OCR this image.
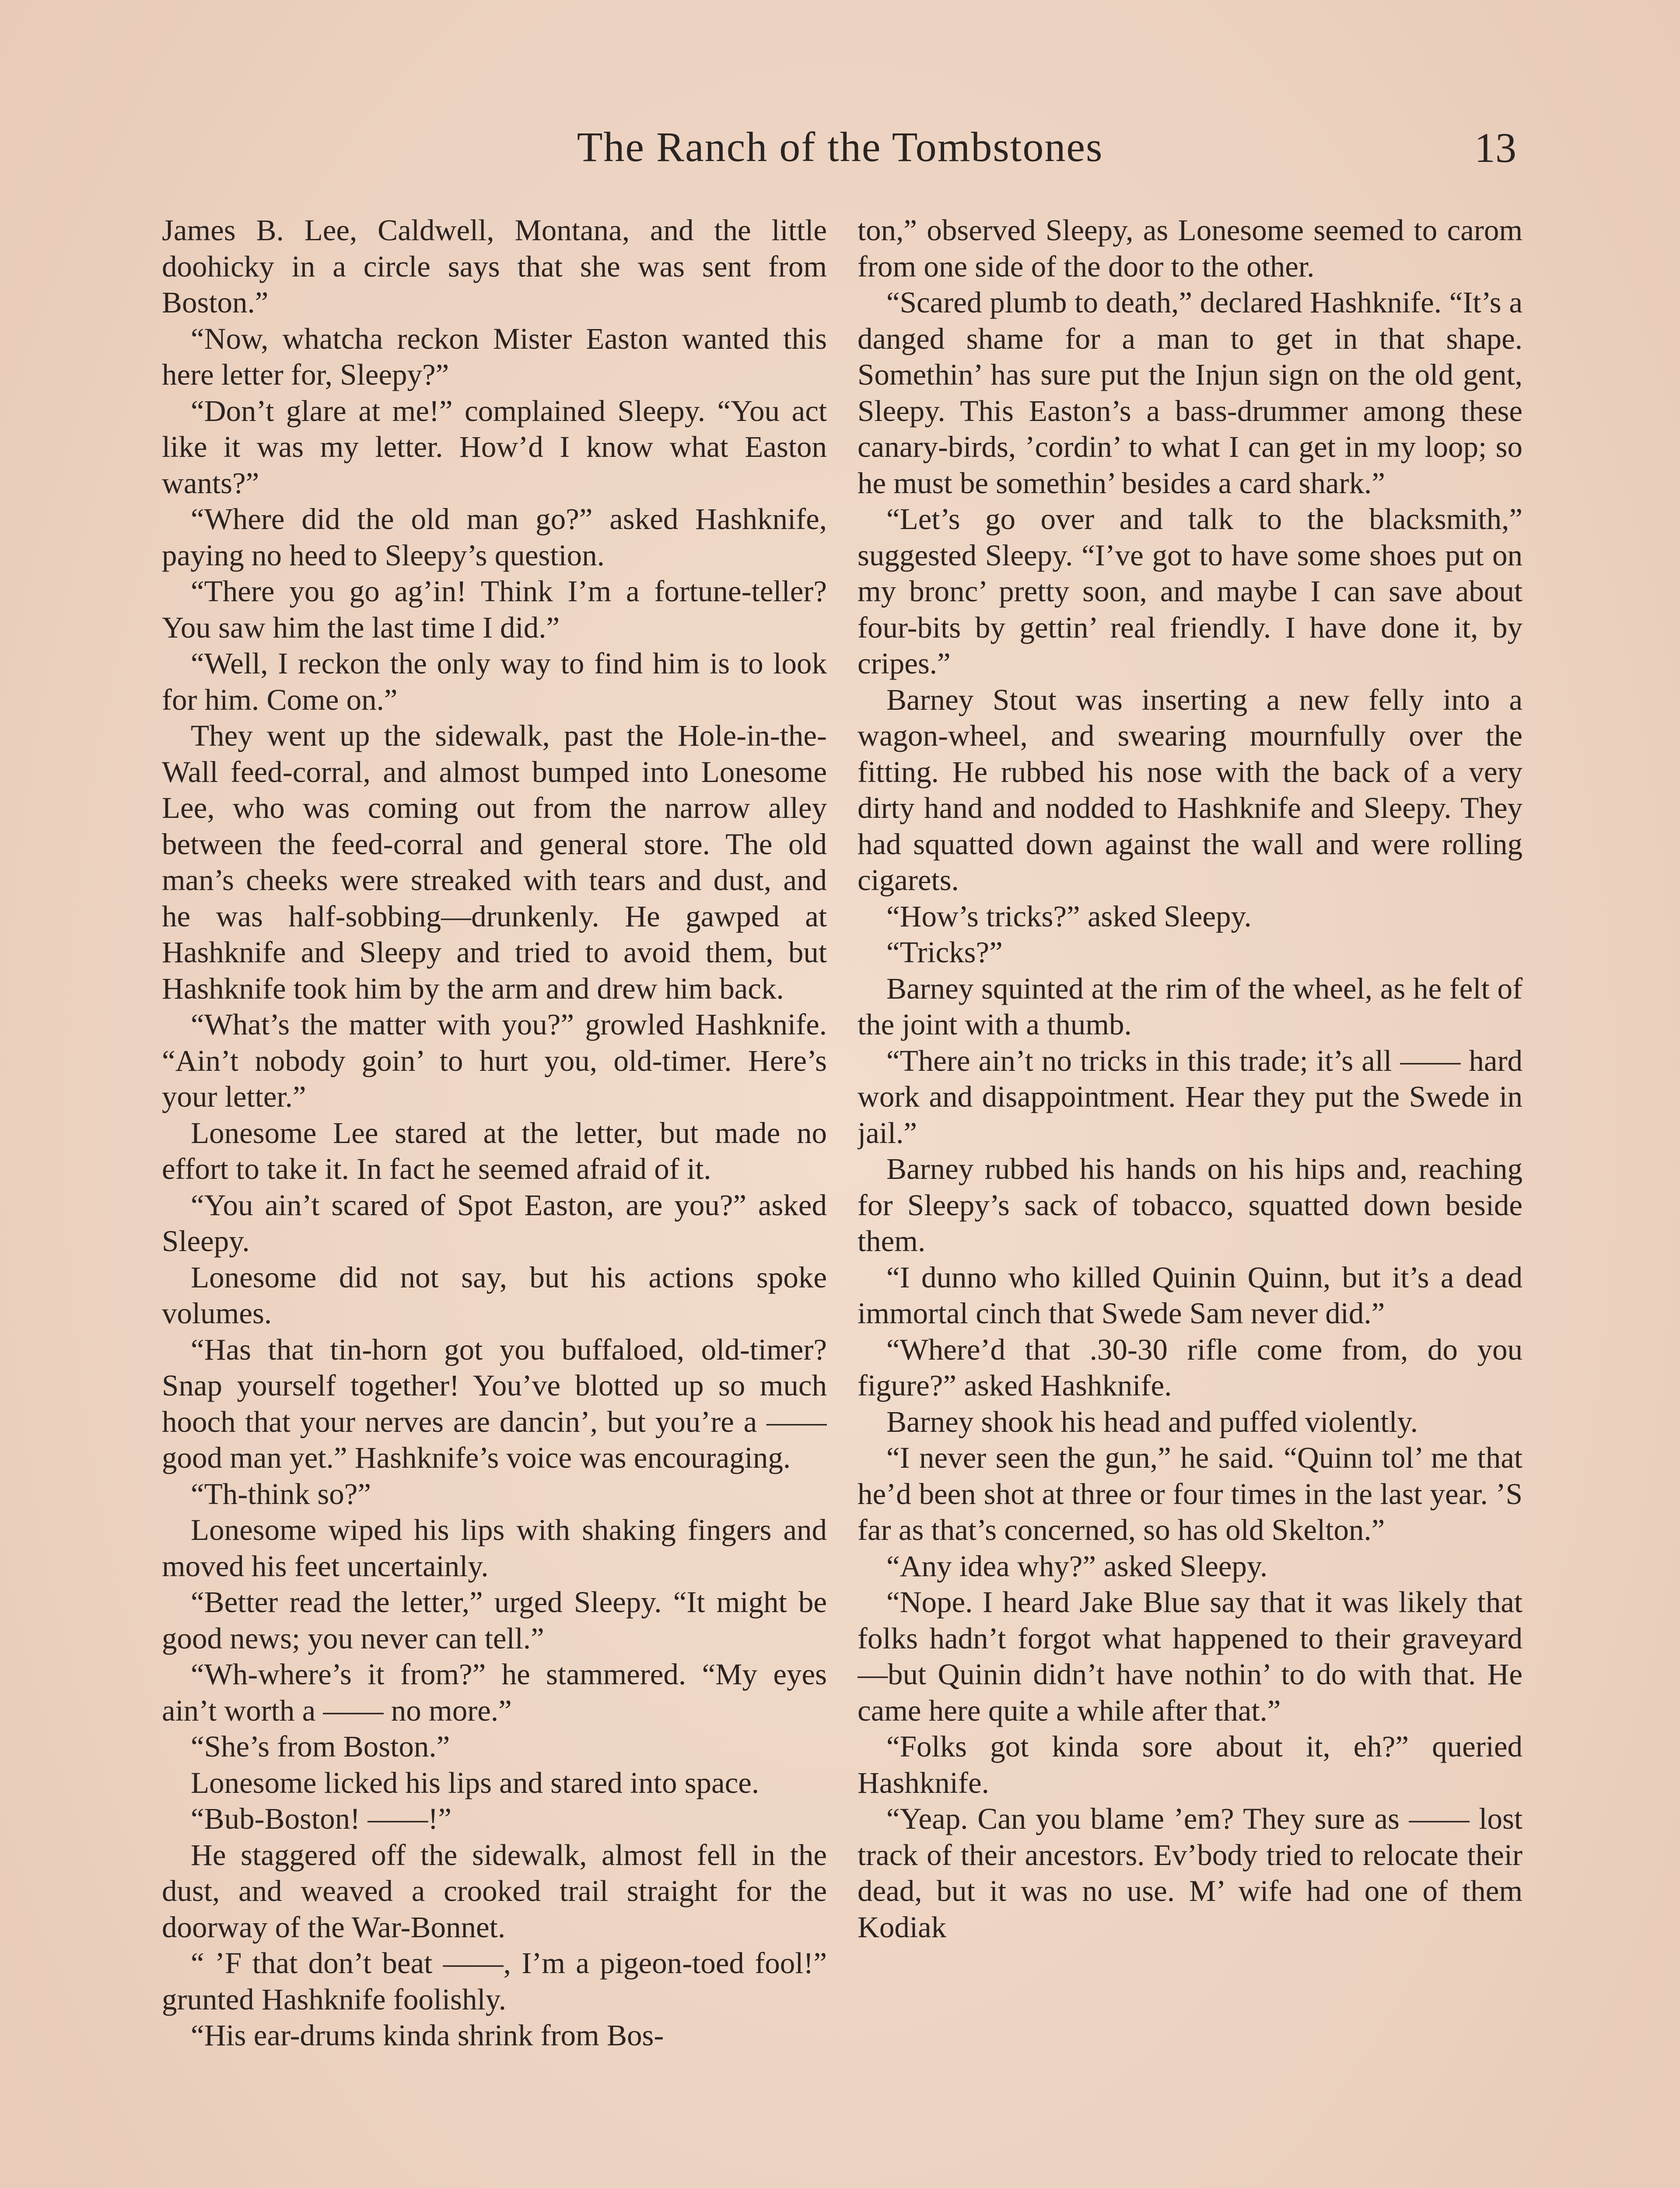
The Ranch of the Tombstones	13

James B. Lee, Caldwell, Montana, and the little doohicky in a circle says that she was sent from Boston.”

“Now, whatcha reckon Mister Easton wanted this here letter for, Sleepy?”

“Don’t glare at me!” complained Sleepy. “You act like it was my letter. How’d I know what Easton wants?”

“Where did the old man go?” asked Hashknife, paying no heed to Sleepy’s question.

“There you go ag’in! Think I’m a fortune-teller? You saw him the last time I did.”

“Well, I reckon the only way to find him is to look for him. Come on.”

They went up the sidewalk, past the Hole-in-the-Wall feed-corral, and almost bumped into Lonesome Lee, who was coming out from the narrow alley between the feed-corral and general store. The old man’s cheeks were streaked with tears and dust, and he was half-sobbing—drunkenly. He gawped at Hashknife and Sleepy and tried to avoid them, but Hashknife took him by the arm and drew him back.

“What’s the matter with you?” growled Hashknife. “Ain’t nobody goin’ to hurt you, old-timer. Here’s your letter.”

Lonesome Lee stared at the letter, but made no effort to take it. In fact he seemed afraid of it.

“You ain’t scared of Spot Easton, are you?” asked Sleepy.

Lonesome did not say, but his actions spoke volumes.

“Has that tin-horn got you buffaloed, old-timer? Snap yourself together! You’ve blotted up so much hooch that your nerves are dancin’, but you’re a —— good man yet.” Hashknife’s voice was encouraging.

“Th-think so?”

Lonesome wiped his lips with shaking fingers and moved his feet uncertainly.

“Better read the letter,” urged Sleepy. “It might be good news; you never can tell.”

“Wh-where’s it from?” he stammered. “My eyes ain’t worth a —— no more.”

“She’s from Boston.”

Lonesome licked his lips and stared into space.

“Bub-Boston! ——!”

He staggered off the sidewalk, almost fell in the dust, and weaved a crooked trail straight for the doorway of the War-Bonnet.

“ ’F that don’t beat ——, I’m a pigeon-toed fool!” grunted Hashknife foolishly.

“His ear-drums kinda shrink from Bos-

ton,” observed Sleepy, as Lonesome seemed to carom from one side of the door to the other.

“Scared plumb to death,” declared Hashknife. “It’s a danged shame for a man to get in that shape. Somethin’ has sure put the Injun sign on the old gent, Sleepy. This Easton’s a bass-drummer among these canary-birds, ’cordin’ to what I can get in my loop; so he must be somethin’ besides a card shark.”

“Let’s go over and talk to the blacksmith,” suggested Sleepy. “I’ve got to have some shoes put on my bronc’ pretty soon, and maybe I can save about four-bits by gettin’ real friendly. I have done it, by cripes.”

Barney Stout was inserting a new felly into a wagon-wheel, and swearing mournfully over the fitting. He rubbed his nose with the back of a very dirty hand and nodded to Hashknife and Sleepy. They had squatted down against the wall and were rolling cigarets.

“How’s tricks?” asked Sleepy.

“Tricks?”

Barney squinted at the rim of the wheel, as he felt of the joint with a thumb.

“There ain’t no tricks in this trade; it’s all —— hard work and disappointment. Hear they put the Swede in jail.”

Barney rubbed his hands on his hips and, reaching for Sleepy’s sack of tobacco, squatted down beside them.

“I dunno who killed Quinin Quinn, but it’s a dead immortal cinch that Swede Sam never did.”

“Where’d that .30-30 rifle come from, do you figure?” asked Hashknife.

Barney shook his head and puffed violently.

“I never seen the gun,” he said. “Quinn tol’ me that he’d been shot at three or four times in the last year. ’S far as that’s concerned, so has old Skelton.”

“Any idea why?” asked Sleepy.

“Nope. I heard Jake Blue say that it was likely that folks hadn’t forgot what happened to their graveyard—but Quinin didn’t have nothin’ to do with that. He came here quite a while after that.”

“Folks got kinda sore about it, eh?” queried Hashknife.

“Yeap. Can you blame ’em? They sure as —— lost track of their ancestors. Ev’body tried to relocate their dead, but it was no use. M’ wife had one of them Kodiak
